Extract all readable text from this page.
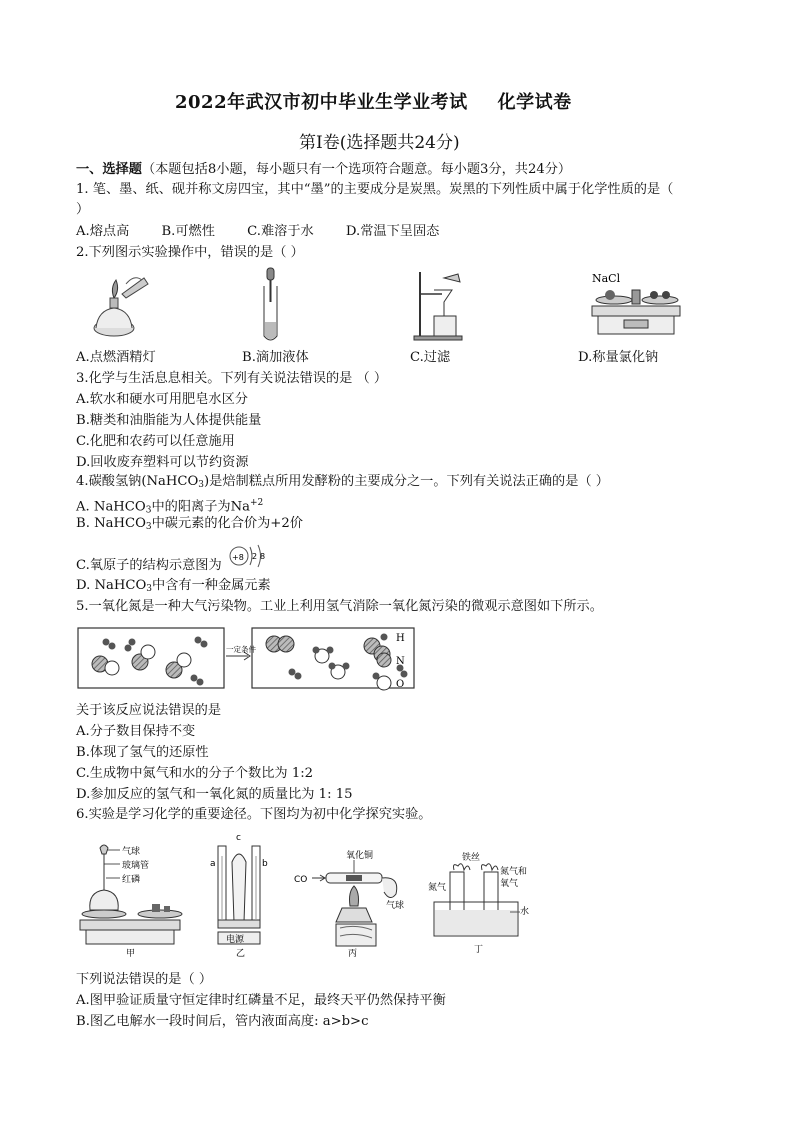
2022年武汉市初中毕业生学业考试 化学试卷
第Ⅰ卷(选择题共24分)
一、选择题（本题包括8小题，每小题只有一个选项符合题意。每小题3分，共24分）
1. 笔、墨、纸、砚并称文房四宝，其中“墨”的主要成分是炭黑。炭黑的下列性质中属于化学性质的是（
）
A.熔点高 B.可燃性 C.难溶于水 D.常温下呈固态
2.下列图示实验操作中，错误的是（ ）
NaCl
A.点燃酒精灯	B.滴加液体	C.过滤	D.称量氯化钠
3.化学与生活息息相关。下列有关说法错误的是 （ ）
A.软水和硬水可用肥皂水区分
B.糖类和油脂能为人体提供能量
C.化肥和农药可以任意施用
D.回收废弃塑料可以节约资源
4.碳酸氢钠(NaHCO$_3$)是焙制糕点所用发酵粉的主要成分之一。下列有关说法正确的是（ ）
A. NaHCO$_3$中的阳离子为$Na^{+2}$
B. NaHCO$_3$中碳元素的化合价为+2价
C.氧原子的结构示意图为
+8 2 8
D. NaHCO$_3$中含有一种金属元素
5.一氧化氮是一种大气污染物。工业上利用氢气消除一氧化氮污染的微观示意图如下所示。
一定条件
H
N
O
关于该反应说法错误的是
A.分子数目保持不变
B.体现了氢气的还原性
C.生成物中氮气和水的分子个数比为 1:2
D.参加反应的氢气和一氧化氮的质量比为 1: 15
6.实验是学习化学的重要途径。下图均为初中化学探究实验。
气球
玻璃管
红磷
甲
a	b
c
电源
乙
CO
氧化铜
气球
丙
铁丝
氮气
氮气和
氧气
水
丁
下列说法错误的是（ ）
A.图甲验证质量守恒定律时红磷量不足，最终天平仍然保持平衡
B.图乙电解水一段时间后，管内液面高度: a>b>c
